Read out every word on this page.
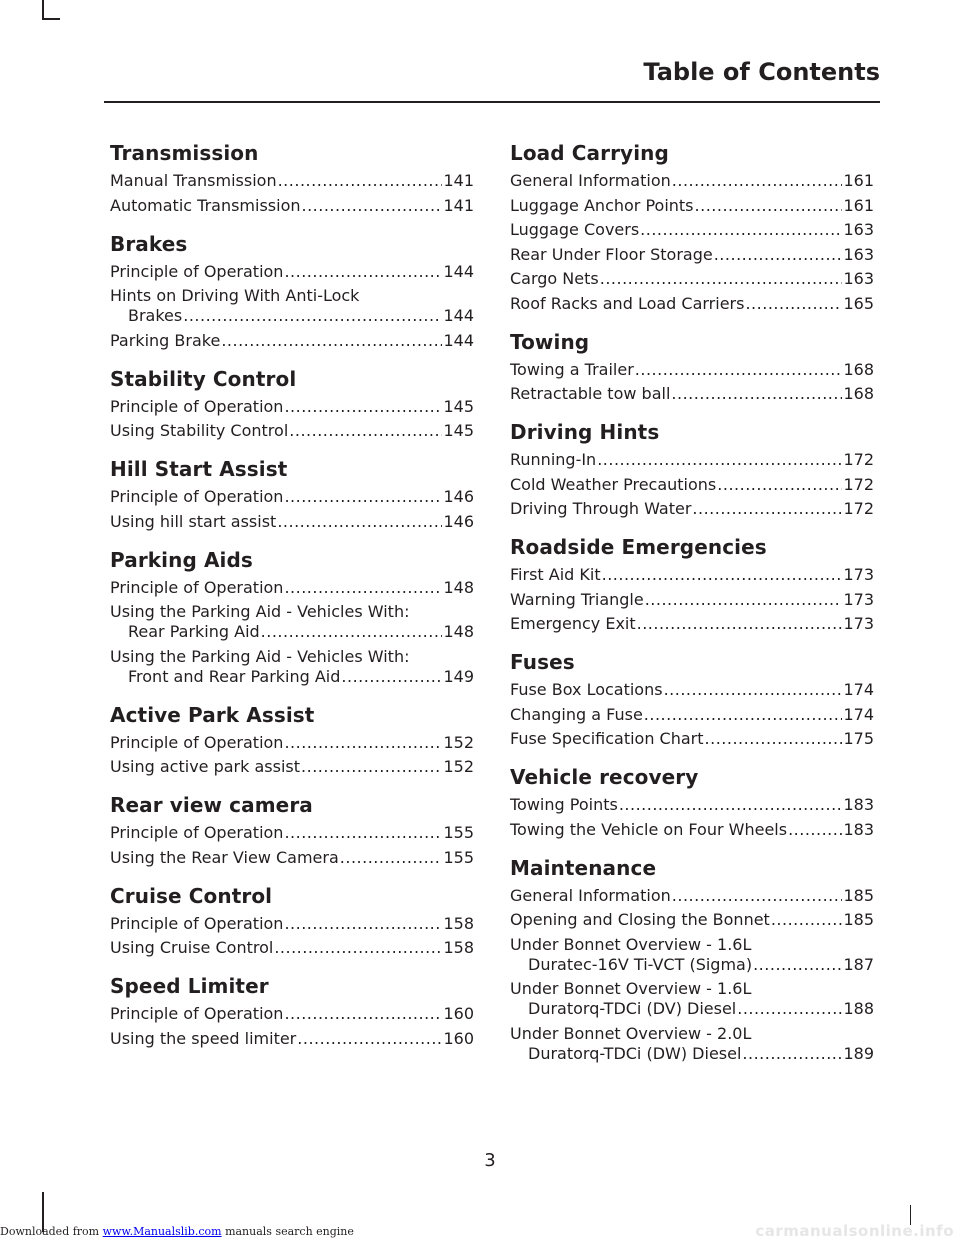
Table of Contents
Transmission
Manual Transmission .....	141
Automatic Transmission .....	141
Brakes
Principle of Operation .....	144
Hints on Driving With Anti-Lock
Brakes .....	144
Parking Brake .....	144
Stability Control
Principle of Operation .....	145
Using Stability Control .....	145
Hill Start Assist
Principle of Operation .....	146
Using hill start assist .....	146
Parking Aids
Principle of Operation .....	148
Using the Parking Aid - Vehicles With:
Rear Parking Aid .....	148
Using the Parking Aid - Vehicles With:
Front and Rear Parking Aid .....	149
Active Park Assist
Principle of Operation .....	152
Using active park assist .....	152
Rear view camera
Principle of Operation .....	155
Using the Rear View Camera .....	155
Cruise Control
Principle of Operation .....	158
Using Cruise Control .....	158
Speed Limiter
Principle of Operation .....	160
Using the speed limiter .....	160
Load Carrying
General Information .....	161
Luggage Anchor Points .....	161
Luggage Covers .....	163
Rear Under Floor Storage .....	163
Cargo Nets .....	163
Roof Racks and Load Carriers .....	165
Towing
Towing a Trailer .....	168
Retractable tow ball .....	168
Driving Hints
Running-In .....	172
Cold Weather Precautions .....	172
Driving Through Water .....	172
Roadside Emergencies
First Aid Kit .....	173
Warning Triangle .....	173
Emergency Exit .....	173
Fuses
Fuse Box Locations .....	174
Changing a Fuse .....	174
Fuse Specification Chart .....	175
Vehicle recovery
Towing Points .....	183
Towing the Vehicle on Four Wheels .....	183
Maintenance
General Information .....	185
Opening and Closing the Bonnet .....	185
Under Bonnet Overview - 1.6L
Duratec-16V Ti-VCT (Sigma) .....	187
Under Bonnet Overview - 1.6L
Duratorq-TDCi (DV) Diesel .....	188
Under Bonnet Overview - 2.0L
Duratorq-TDCi (DW) Diesel .....	189
3
Downloaded from www.Manualslib.com manuals search engine	carmanualsonline.info
